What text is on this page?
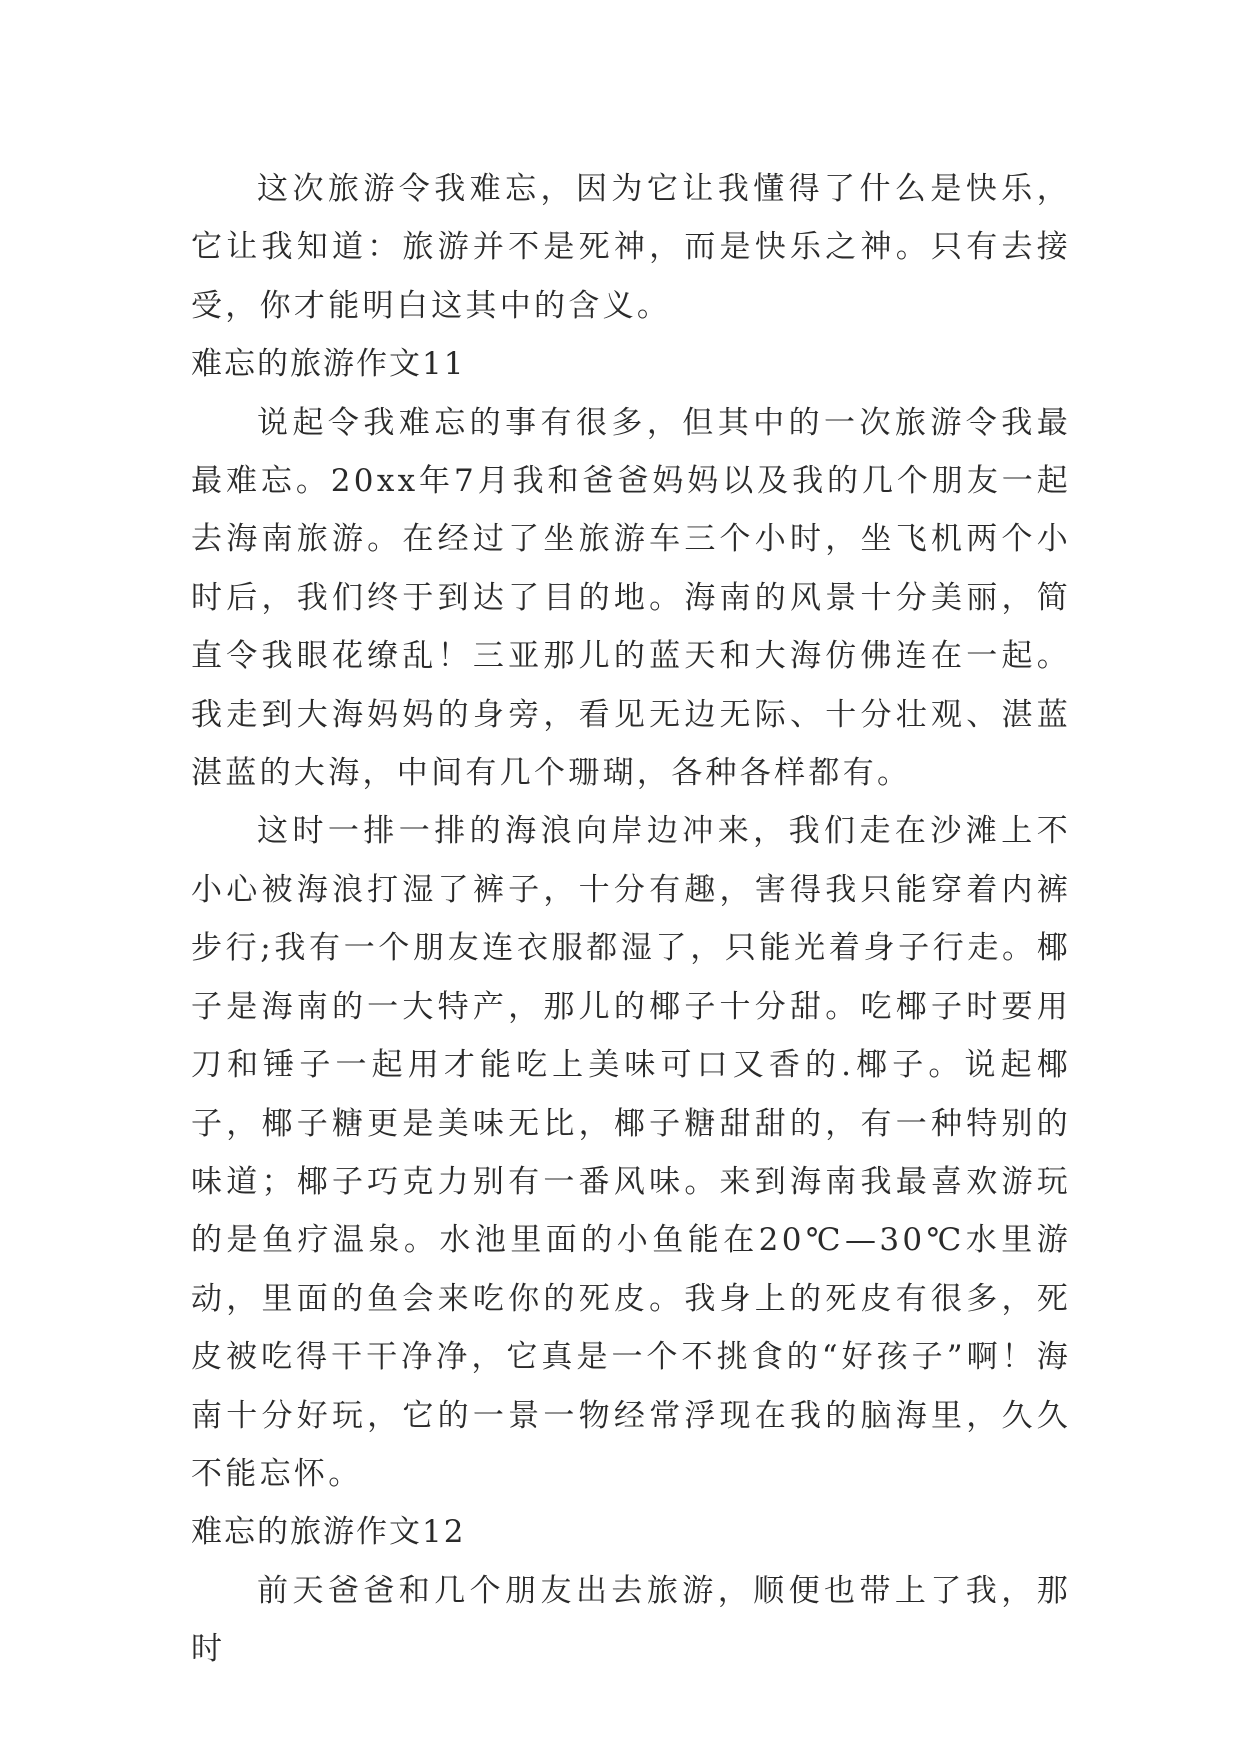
这次旅游令我难忘，因为它让我懂得了什么是快乐，它让我知道：旅游并不是死神，而是快乐之神。只有去接受，你才能明白这其中的含义。

难忘的旅游作文11

说起令我难忘的事有很多，但其中的一次旅游令我最最难忘。20xx年7月我和爸爸妈妈以及我的几个朋友一起去海南旅游。在经过了坐旅游车三个小时，坐飞机两个小时后，我们终于到达了目的地。海南的风景十分美丽，简直令我眼花缭乱！三亚那儿的蓝天和大海仿佛连在一起。我走到大海妈妈的身旁，看见无边无际、十分壮观、湛蓝湛蓝的大海，中间有几个珊瑚，各种各样都有。

这时一排一排的海浪向岸边冲来，我们走在沙滩上不小心被海浪打湿了裤子，十分有趣，害得我只能穿着内裤步行;我有一个朋友连衣服都湿了，只能光着身子行走。椰子是海南的一大特产，那儿的椰子十分甜。吃椰子时要用刀和锤子一起用才能吃上美味可口又香的.椰子。说起椰子，椰子糖更是美味无比，椰子糖甜甜的，有一种特别的味道；椰子巧克力别有一番风味。来到海南我最喜欢游玩的是鱼疗温泉。水池里面的小鱼能在20℃—30℃水里游动，里面的鱼会来吃你的死皮。我身上的死皮有很多，死皮被吃得干干净净，它真是一个不挑食的“好孩子”啊！海南十分好玩，它的一景一物经常浮现在我的脑海里，久久不能忘怀。

难忘的旅游作文12

前天爸爸和几个朋友出去旅游，顺便也带上了我，那时
